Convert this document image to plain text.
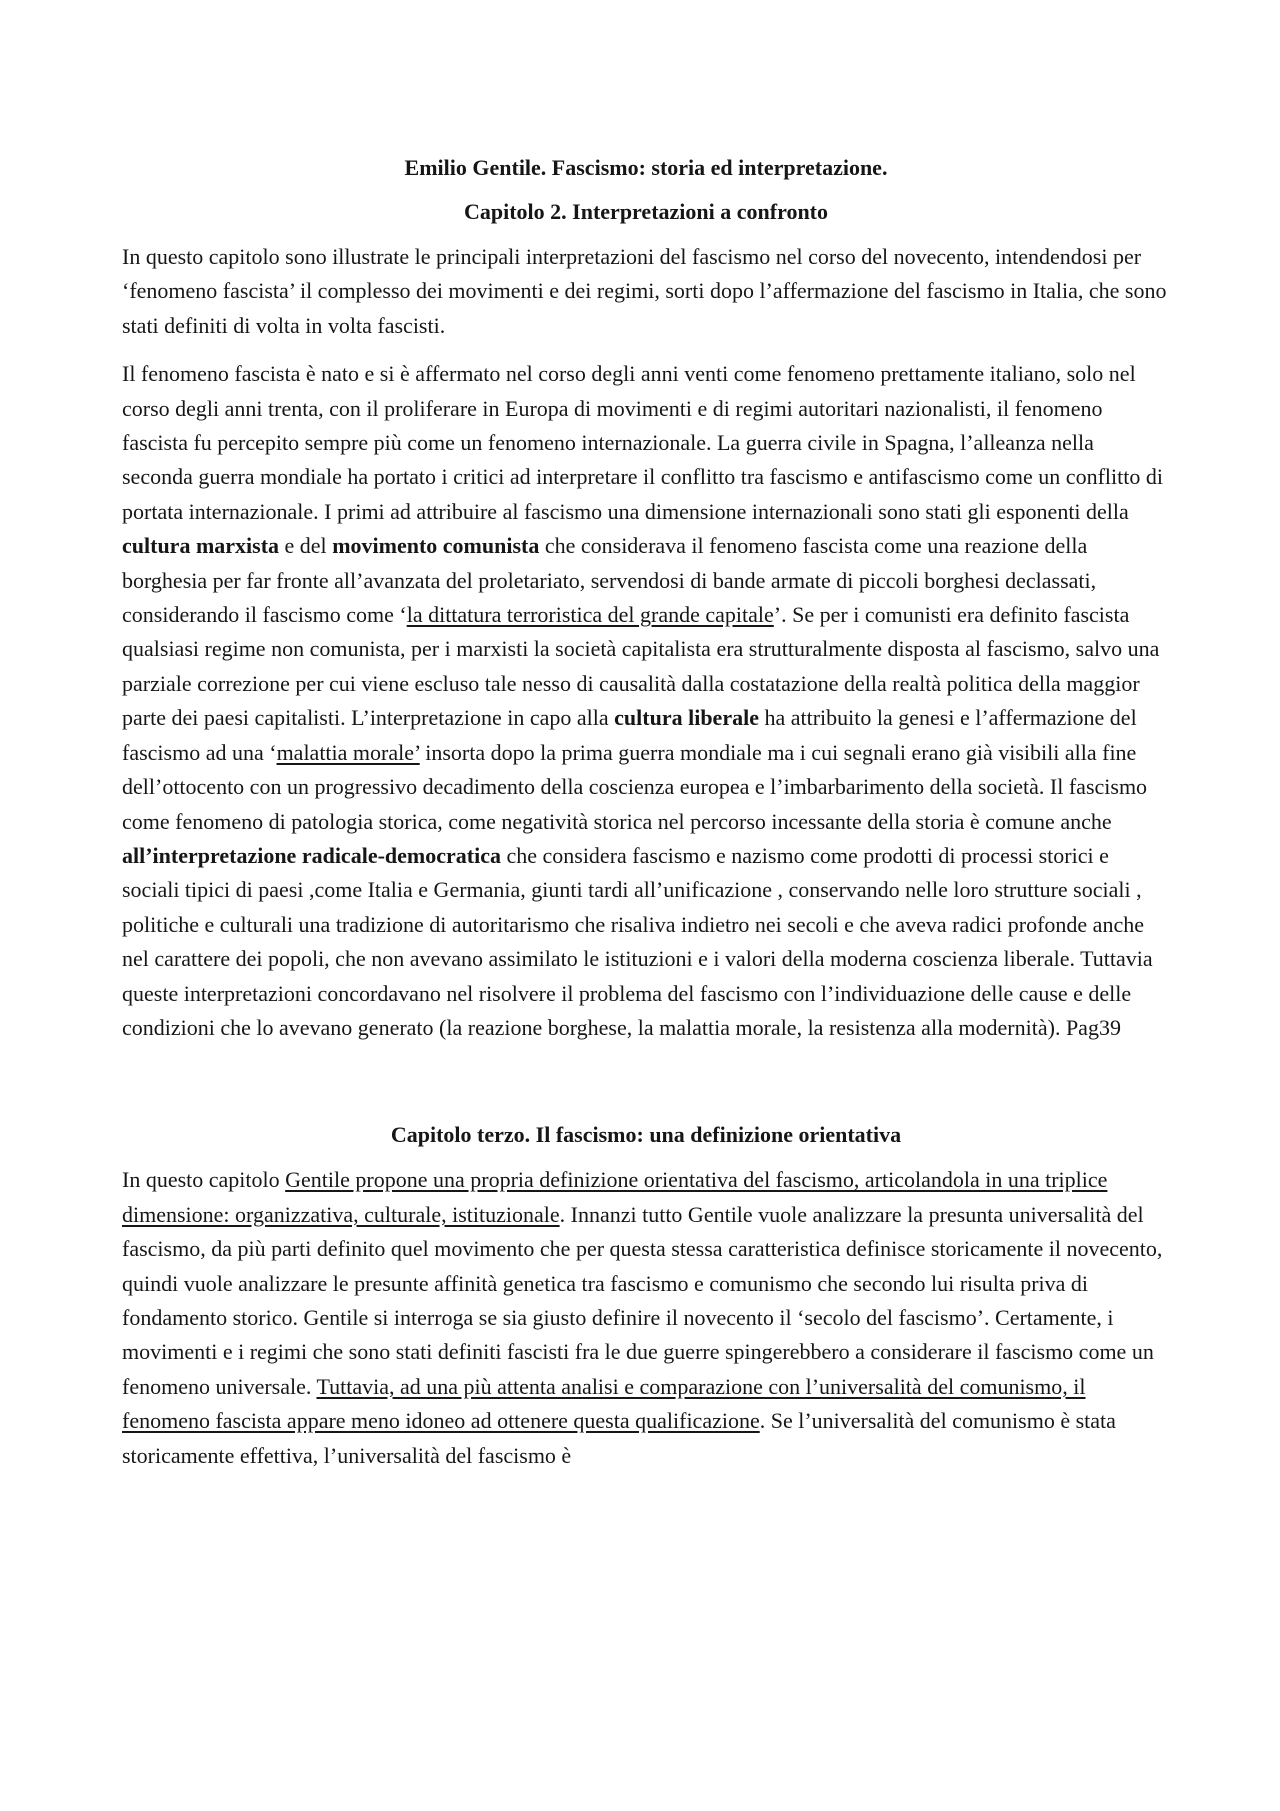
Emilio Gentile. Fascismo: storia ed interpretazione.
Capitolo 2. Interpretazioni a confronto

In questo capitolo sono illustrate le principali interpretazioni del fascismo nel corso del novecento, intendendosi per ‘fenomeno fascista’ il complesso dei movimenti e dei regimi, sorti dopo l’affermazione del fascismo in Italia, che sono stati definiti di volta in volta fascisti.

Il fenomeno fascista è nato e si è affermato nel corso degli anni venti come fenomeno prettamente italiano, solo nel corso degli anni trenta, con il proliferare in Europa di movimenti e di regimi autoritari nazionalisti, il fenomeno fascista fu percepito sempre più come un fenomeno internazionale. La guerra civile in Spagna, l’alleanza nella seconda guerra mondiale ha portato i critici ad interpretare il conflitto tra fascismo e antifascismo come un conflitto di portata internazionale. I primi ad attribuire al fascismo una dimensione internazionali sono stati gli esponenti della cultura marxista e del movimento comunista che considerava il fenomeno fascista come una reazione della borghesia per far fronte all’avanzata del proletariato, servendosi di bande armate di piccoli borghesi declassati, considerando il fascismo come ‘la dittatura terroristica del grande capitale’. Se per i comunisti era definito fascista qualsiasi regime non comunista, per i marxisti la società capitalista era strutturalmente disposta al fascismo, salvo una parziale correzione per cui viene escluso tale nesso di causalità dalla costatazione della realtà politica della maggior parte dei paesi capitalisti. L’interpretazione in capo alla cultura liberale ha attribuito la genesi e l’affermazione del fascismo ad una ‘malattia morale’ insorta dopo la prima guerra mondiale ma i cui segnali erano già visibili alla fine dell’ottocento con un progressivo decadimento della coscienza europea e l’imbarbarimento della società. Il fascismo come fenomeno di patologia storica, come negatività storica nel percorso incessante della storia è comune anche all’interpretazione radicale-democratica che considera fascismo e nazismo come prodotti di processi storici e sociali tipici di paesi ,come Italia e Germania, giunti tardi all’unificazione , conservando nelle loro strutture sociali , politiche e culturali una tradizione di autoritarismo che risaliva indietro nei secoli e che aveva radici profonde anche nel carattere dei popoli, che non avevano assimilato le istituzioni e i valori della moderna coscienza liberale. Tuttavia queste interpretazioni concordavano nel risolvere il problema del fascismo con l’individuazione delle cause e delle condizioni che lo avevano generato (la reazione borghese, la malattia morale, la resistenza alla modernità). Pag39

Capitolo terzo. Il fascismo: una definizione orientativa

In questo capitolo Gentile propone una propria definizione orientativa del fascismo, articolandola in una triplice dimensione: organizzativa, culturale, istituzionale. Innanzi tutto Gentile vuole analizzare la presunta universalità del fascismo, da più parti definito quel movimento che per questa stessa caratteristica definisce storicamente il novecento, quindi vuole analizzare le presunte affinità genetica tra fascismo e comunismo che secondo lui risulta priva di fondamento storico. Gentile si interroga se sia giusto definire il novecento il ‘secolo del fascismo’. Certamente, i movimenti e i regimi che sono stati definiti fascisti fra le due guerre spingerebbero a considerare il fascismo come un fenomeno universale. Tuttavia, ad una più attenta analisi e comparazione con l’universalità del comunismo, il fenomeno fascista appare meno idoneo ad ottenere questa qualificazione. Se l’universalità del comunismo è stata storicamente effettiva, l’universalità del fascismo è
